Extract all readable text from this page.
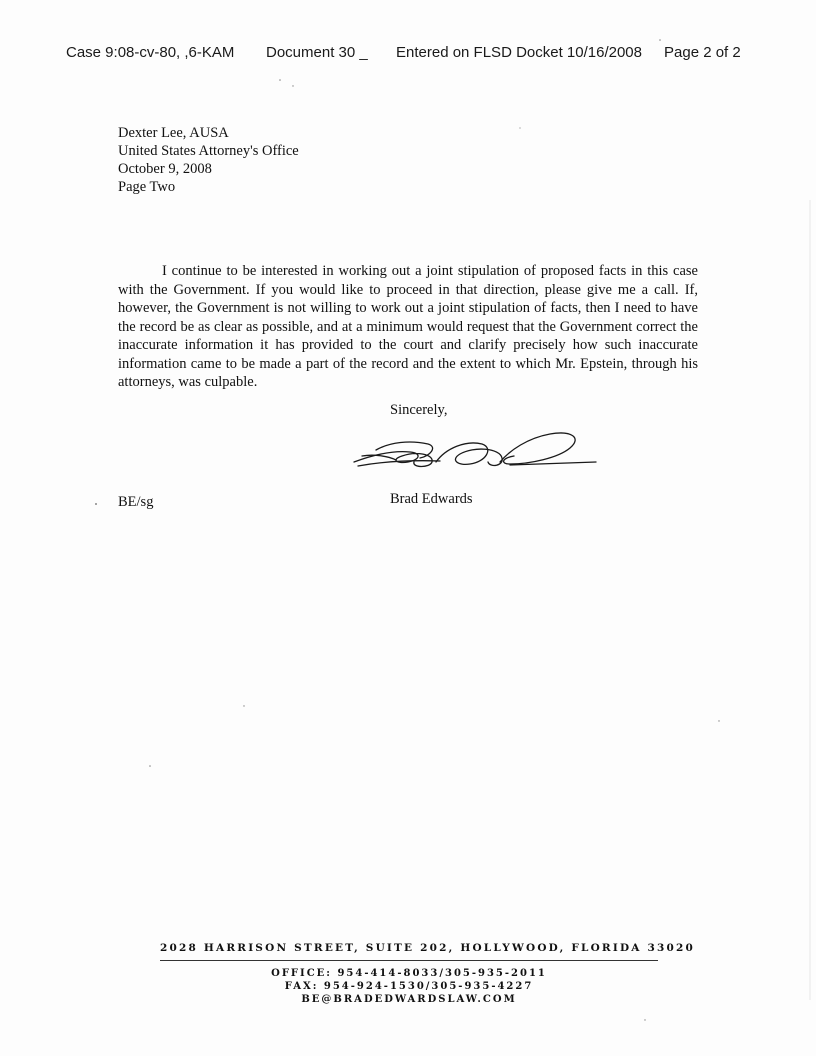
Case 9:08-cv-80, ,6-KAM Document 30 _ Entered on FLSD Docket 10/16/2008 Page 2 of 2
Dexter Lee, AUSA
United States Attorney's Office
October 9, 2008
Page Two
I continue to be interested in working out a joint stipulation of proposed facts in this case with the Government. If you would like to proceed in that direction, please give me a call. If, however, the Government is not willing to work out a joint stipulation of facts, then I need to have the record be as clear as possible, and at a minimum would request that the Government correct the inaccurate information it has provided to the court and clarify precisely how such inaccurate information came to be made a part of the record and the extent to which Mr. Epstein, through his attorneys, was culpable.
Sincerely,
Brad Edwards
BE/sg
2028 HARRISON STREET, SUITE 202, HOLLYWOOD, FLORIDA 33020
OFFICE: 954-414-8033/305-935-2011
FAX: 954-924-1530/305-935-4227
BE@BRADEDWARDSLAW.COM
